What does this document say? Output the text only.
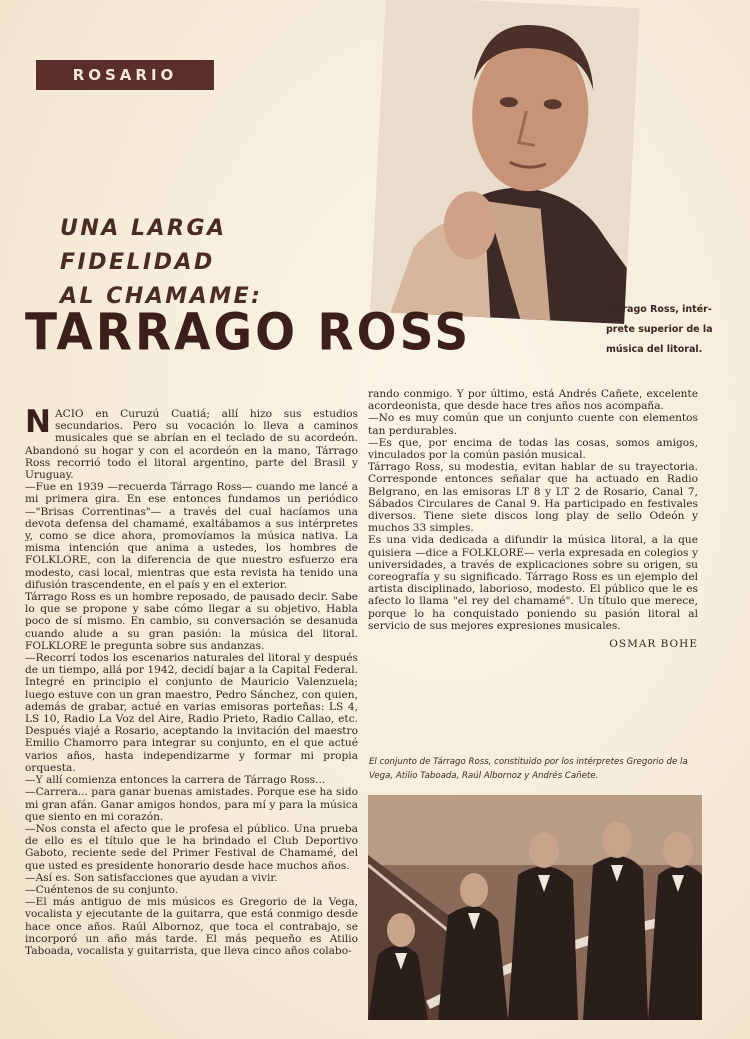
ROSARIO
UNA LARGA FIDELIDAD
AL CHAMAME:
TARRAGO ROSS	Tarrago Ross, intér-
prete superior de la
música del litoral.

NACIO en Curuzú Cuatiá; allí hizo sus estudios secundarios. Pero su vocación lo lleva a caminos musicales que se abrían en el teclado de su acordeón. Abandonó su hogar y con el acordeón en la mano, Tárrago Ross recorrió todo el litoral argentino, parte del Brasil y Uruguay.

—Fue en 1939 —recuerda Tárrago Ross— cuando me lancé a mi primera gira. En ese entonces fundamos un periódico —"Brisas Correntinas"— a través del cual hacíamos una devota defensa del chamamé, exaltábamos a sus intérpretes y, como se dice ahora, promovíamos la música nativa. La misma intención que anima a ustedes, los hombres de FOLKLORE, con la diferencia de que nuestro esfuerzo era modesto, casi local, mientras que esta revista ha tenido una difusión trascendente, en el país y en el exterior.

Tárrago Ross es un hombre reposado, de pausado decir. Sabe lo que se propone y sabe cómo llegar a su objetivo. Habla poco de sí mismo. En cambio, su conversación se desanuda cuando alude a su gran pasión: la música del litoral. FOLKLORE le pregunta sobre sus andanzas.

—Recorrí todos los escenarios naturales del litoral y después de un tiempo, allá por 1942, decidí bajar a la Capital Federal. Integré en principio el conjunto de Mauricio Valenzuela; luego estuve con un gran maestro, Pedro Sánchez, con quien, además de grabar, actué en varias emisoras porteñas: LS 4, LS 10, Radio La Voz del Aire, Radio Prieto, Radio Callao, etc. Después viajé a Rosario, aceptando la invitación del maestro Emilio Chamorro para integrar su conjunto, en el que actué varios años, hasta independizarme y formar mi propia orquesta.

—Y allí comienza entonces la carrera de Tárrago Ross...

—Carrera... para ganar buenas amistades. Porque ese ha sido mi gran afán. Ganar amigos hondos, para mí y para la música que siento en mi corazón.

—Nos consta el afecto que le profesa el público. Una prueba de ello es el título que le ha brindado el Club Deportivo Gaboto, reciente sede del Primer Festival de Chamamé, del que usted es presidente honorario desde hace muchos años.

—Así es. Son satisfacciones que ayudan a vivir.

—Cuéntenos de su conjunto.

—El más antiguo de mis músicos es Gregorio de la Vega, vocalista y ejecutante de la guitarra, que está conmigo desde hace once años. Raúl Albornoz, que toca el contrabajo, se incorporó un año más tarde. El más pequeño es Atilio Taboada, vocalista y guitarrista, que lleva cinco años colabo-

rando conmigo. Y por último, está Andrés Cañete, excelente acordeonista, que desde hace tres años nos acompaña.

—No es muy común que un conjunto cuente con elementos tan perdurables.

—Es que, por encima de todas las cosas, somos amigos, vinculados por la común pasión musical.

Tárrago Ross, su modestia, evitan hablar de su trayectoria. Corresponde entonces señalar que ha actuado en Radio Belgrano, en las emisoras LT 8 y LT 2 de Rosario, Canal 7, Sábados Circulares de Canal 9. Ha participado en festivales diversos. Tiene siete discos long play de sello Odeón y muchos 33 simples.

Es una vida dedicada a difundir la música litoral, a la que quisiera —dice a FOLKLORE— verla expresada en colegios y universidades, a través de explicaciones sobre su origen, su coreografía y su significado. Tárrago Ross es un ejemplo del artista disciplinado, laborioso, modesto. El público que le es afecto lo llama "el rey del chamamé". Un título que merece, porque lo ha conquistado poniendo su pasión litoral al servicio de sus mejores expresiones musicales.

OSMAR BOHE

El conjunto de Tárrago Ross, constituido por los intérpretes Gregorio de la Vega, Atilio Taboada, Raúl Albornoz y Andrés Cañete.
